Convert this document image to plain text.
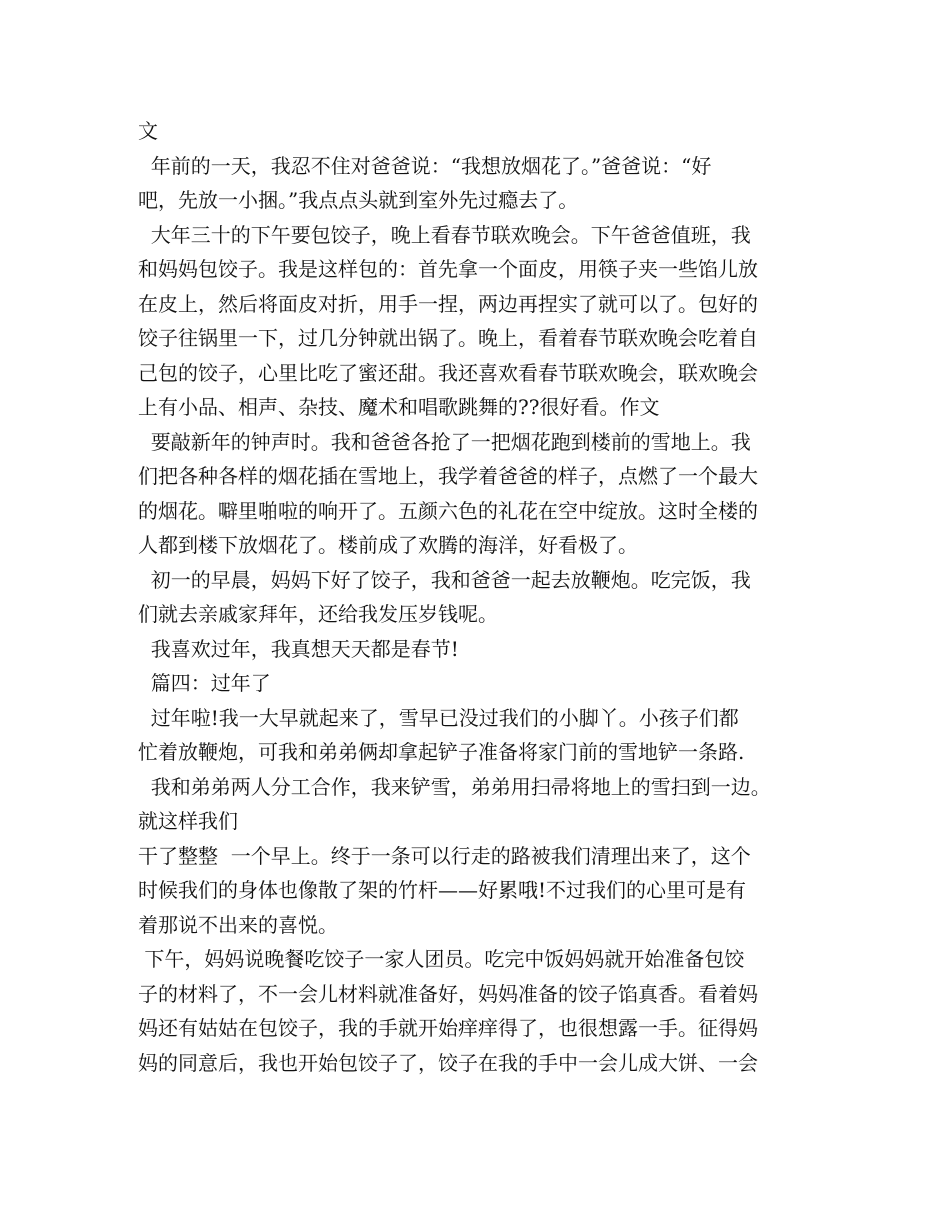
文
年前的一天，我忍不住对爸爸说：“我想放烟花了。”爸爸说：“好
吧，先放一小捆。”我点点头就到室外先过瘾去了。
大年三十的下午要包饺子，晚上看春节联欢晚会。下午爸爸值班，我
和妈妈包饺子。我是这样包的：首先拿一个面皮，用筷子夹一些馅儿放
在皮上，然后将面皮对折，用手一捏，两边再捏实了就可以了。包好的
饺子往锅里一下，过几分钟就出锅了。晚上，看着春节联欢晚会吃着自
己包的饺子，心里比吃了蜜还甜。我还喜欢看春节联欢晚会，联欢晚会
上有小品、相声、杂技、魔术和唱歌跳舞的??很好看。作文
要敲新年的钟声时。我和爸爸各抢了一把烟花跑到楼前的雪地上。我
们把各种各样的烟花插在雪地上，我学着爸爸的样子，点燃了一个最大
的烟花。噼里啪啦的响开了。五颜六色的礼花在空中绽放。这时全楼的
人都到楼下放烟花了。楼前成了欢腾的海洋，好看极了。
初一的早晨，妈妈下好了饺子，我和爸爸一起去放鞭炮。吃完饭，我
们就去亲戚家拜年，还给我发压岁钱呢。
我喜欢过年，我真想天天都是春节!
篇四：过年了
过年啦!我一大早就起来了，雪早已没过我们的小脚丫。小孩子们都
忙着放鞭炮，可我和弟弟俩却拿起铲子准备将家门前的雪地铲一条路.
我和弟弟两人分工合作，我来铲雪，弟弟用扫帚将地上的雪扫到一边。
就这样我们
干了整整  一个早上。终于一条可以行走的路被我们清理出来了，这个
时候我们的身体也像散了架的竹杆——好累哦!不过我们的心里可是有
着那说不出来的喜悦。
下午，妈妈说晚餐吃饺子一家人团员。吃完中饭妈妈就开始准备包饺
子的材料了，不一会儿材料就准备好，妈妈准备的饺子馅真香。看着妈
妈还有姑姑在包饺子，我的手就开始痒痒得了，也很想露一手。征得妈
妈的同意后，我也开始包饺子了，饺子在我的手中一会儿成大饼、一会
